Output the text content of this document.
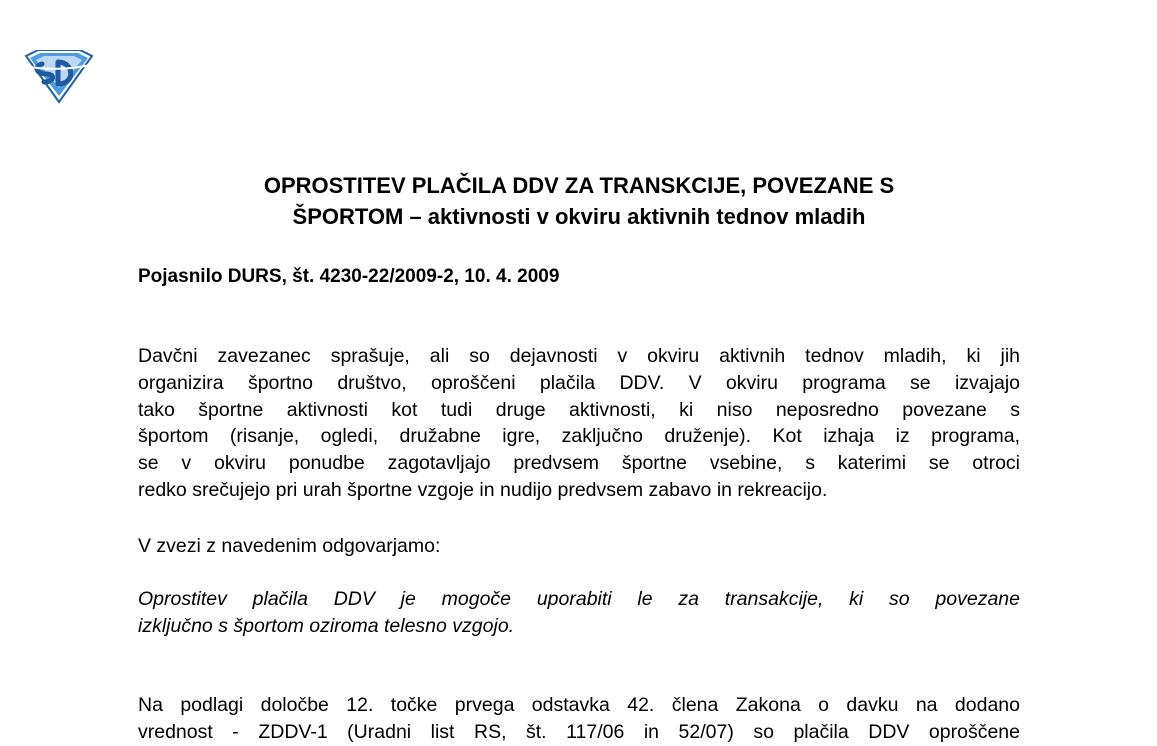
OPROSTITEV PLAČILA DDV ZA TRANSKCIJE, POVEZANE S
ŠPORTOM – aktivnosti v okviru aktivnih tednov mladih

Pojasnilo DURS, št. 4230-22/2009-2, 10. 4. 2009

Davčni zavezanec sprašuje, ali so dejavnosti v okviru aktivnih tednov mladih, ki jih
organizira športno društvo, oproščeni plačila DDV. V okviru programa se izvajajo
tako športne aktivnosti kot tudi druge aktivnosti, ki niso neposredno povezane s
športom (risanje, ogledi, družabne igre, zaključno druženje). Kot izhaja iz programa,
se v okviru ponudbe zagotavljajo predvsem športne vsebine, s katerimi se otroci
redko srečujejo pri urah športne vzgoje in nudijo predvsem zabavo in rekreacijo.
V zvezi z navedenim odgovarjamo:
Oprostitev plačila DDV je mogoče uporabiti le za transakcije, ki so povezane
izključno s športom oziroma telesno vzgojo.
Na podlagi določbe 12. točke prvega odstavka 42. člena Zakona o davku na dodano
vrednost - ZDDV-1 (Uradni list RS, št. 117/06 in 52/07) so plačila DDV oproščene
